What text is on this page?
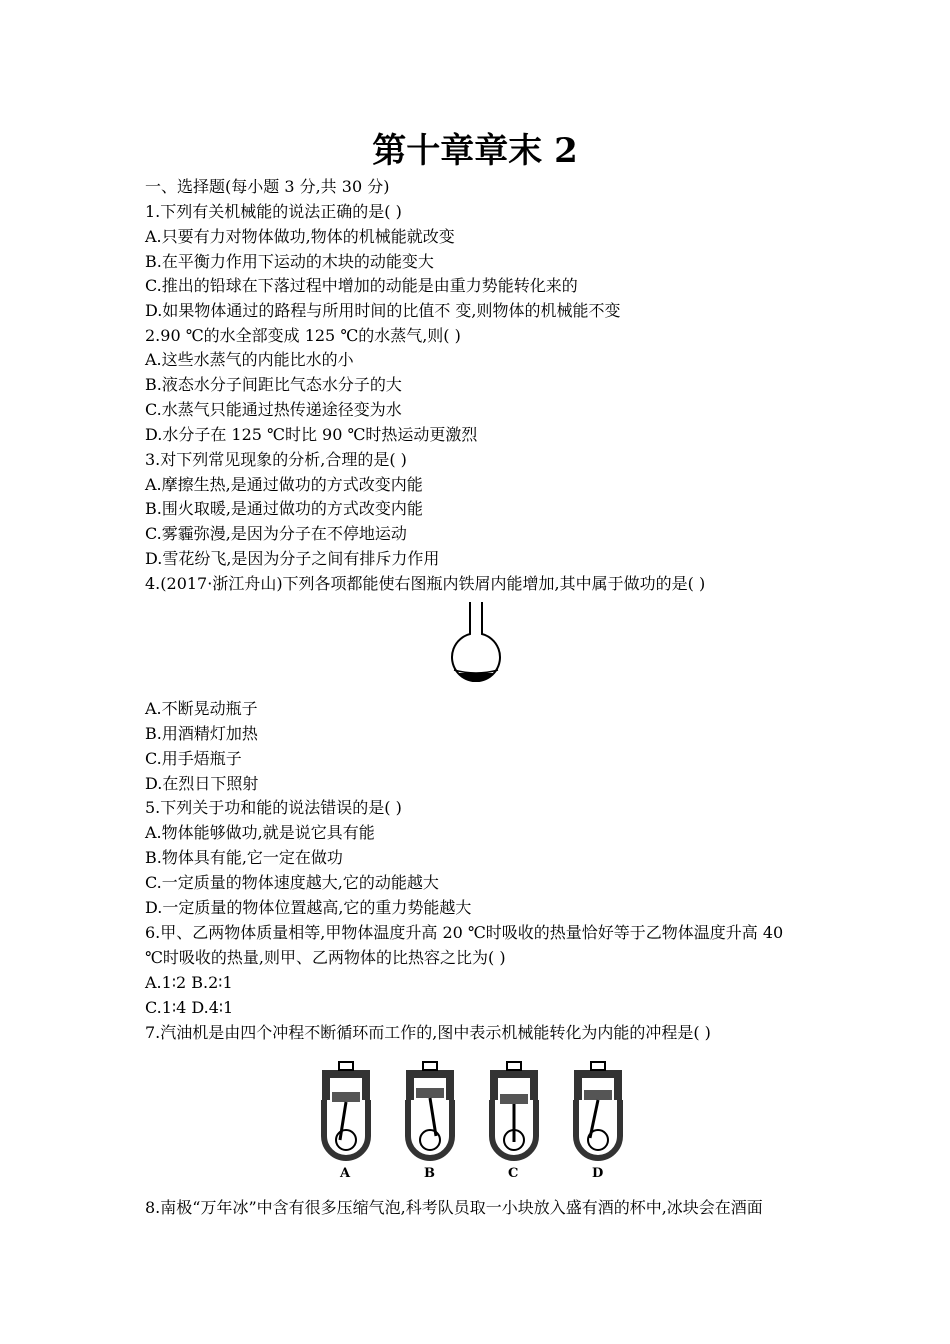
第十章章末 2
一、选择题(每小题 3 分,共 30 分)
1.下列有关机械能的说法正确的是( )
A.只要有力对物体做功,物体的机械能就改变
B.在平衡力作用下运动的木块的动能变大
C.推出的铅球在下落过程中增加的动能是由重力势能转化来的
D.如果物体通过的路程与所用时间的比值不 变,则物体的机械能不变
2.90 ℃的水全部变成 125 ℃的水蒸气,则( )
A.这些水蒸气的内能比水的小
B.液态水分子间距比气态水分子的大
C.水蒸气只能通过热传递途径变为水
D.水分子在 125 ℃时比 90 ℃时热运动更激烈
3.对下列常见现象的分析,合理的是( )
A.摩擦生热,是通过做功的方式改变内能
B.围火取暖,是通过做功的方式改变内能
C.雾霾弥漫,是因为分子在不停地运动
D.雪花纷飞,是因为分子之间有排斥力作用
4.(2017·浙江舟山)下列各项都能使右图瓶内铁屑内能增加,其中属于做功的是( )
A.不断晃动瓶子
B.用酒精灯加热
C.用手焐瓶子
D.在烈日下照射
5.下列关于功和能的说法错误的是( )
A.物体能够做功,就是说它具有能
B.物体具有能,它一定在做功
C.一定质量的物体速度越大,它的动能越大
D.一定质量的物体位置越高,它的重力势能越大
6.甲、乙两物体质量相等,甲物体温度升高 20 ℃时吸收的热量恰好等于乙物体温度升高 40
℃时吸收的热量,则甲、乙两物体的比热容之比为( )
A.1∶2 B.2∶1
C.1∶4 D.4∶1
7.汽油机是由四个冲程不断循环而工作的,图中表示机械能转化为内能的冲程是( )
A	B	C	D
8.南极“万年冰”中含有很多压缩气泡,科考队员取一小块放入盛有酒的杯中,冰块会在酒面
